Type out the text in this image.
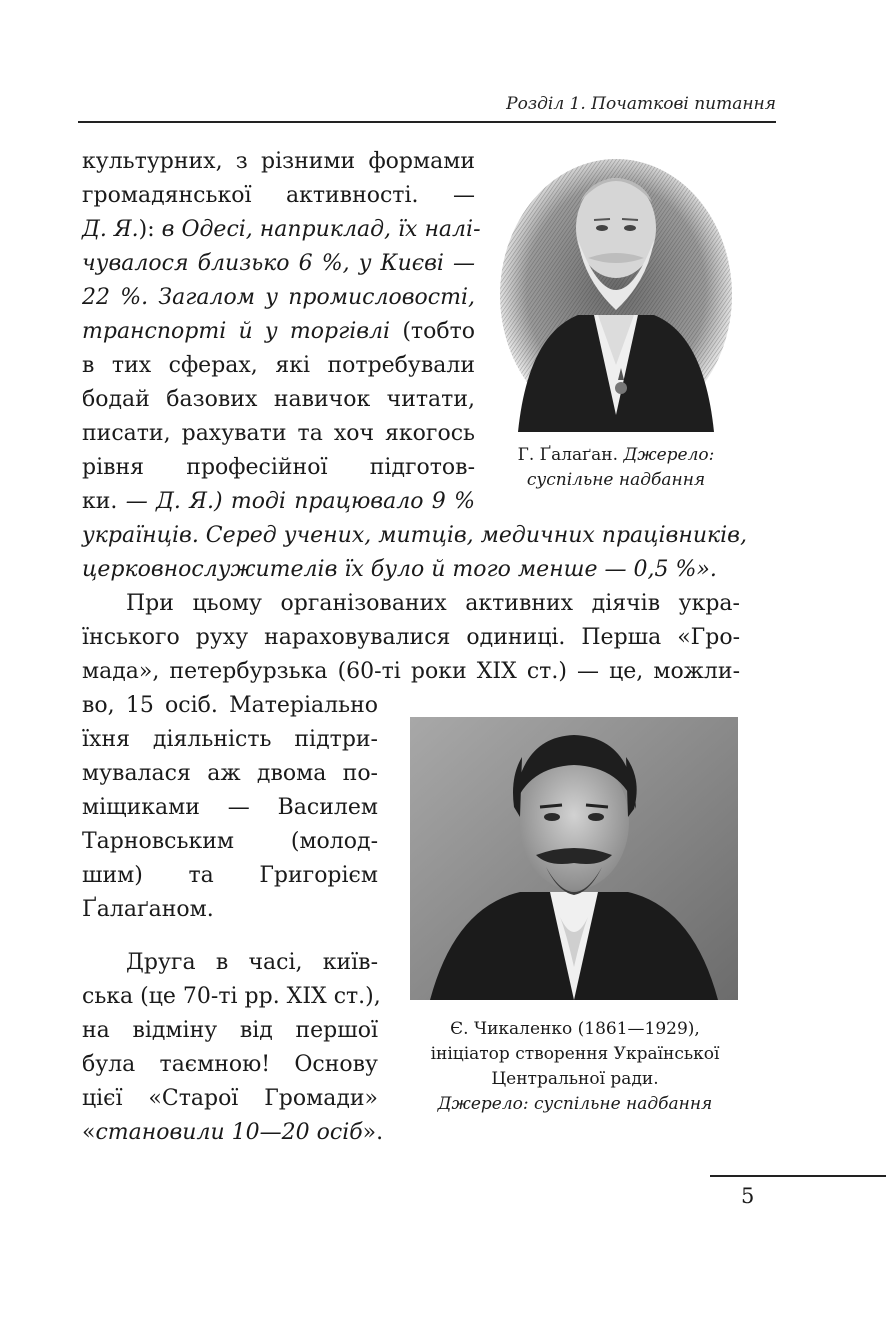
Розділ 1. Початкові питання
культурних, з різними формами
громадянської активності. —
Д. Я.): в Одесі, наприклад, їх налі-
чувалося близько 6 %, у Києві —
22 %. Загалом у промисловості,
транспорті й у торгівлі (тобто
в тих сферах, які потребували
бодай базових навичок читати,
писати, рахувати та хоч якогось
рівня професійної підготов-
ки. — Д. Я.) тоді працювало 9 %
українців. Серед учених, митців, медичних працівників,
церковнослужителів їх було й того менше — 0,5 %».
При цьому організованих активних діячів укра-
їнського руху нараховувалися одиниці. Перша «Гро-
мада», петербурзька (60-ті роки XIX ст.) — це, можли-
во, 15 осіб. Матеріально
їхня діяльність підтри-
мувалася аж двома по-
міщиками — Василем
Тарновським (молод-
шим) та Григорієм
Ґалаґаном.
Друга в часі, київ-
ська (це 70-ті рр. XIX ст.),
на відміну від першої
була таємною! Основу
цієї «Старої Громади»
«становили 10—20 осіб».
Г. Ґалаґан. Джерело: суспільне надбання
Є. Чикаленко (1861—1929),
ініціатор створення Української
Центральної ради.
Джерело: суспільне надбання
5
